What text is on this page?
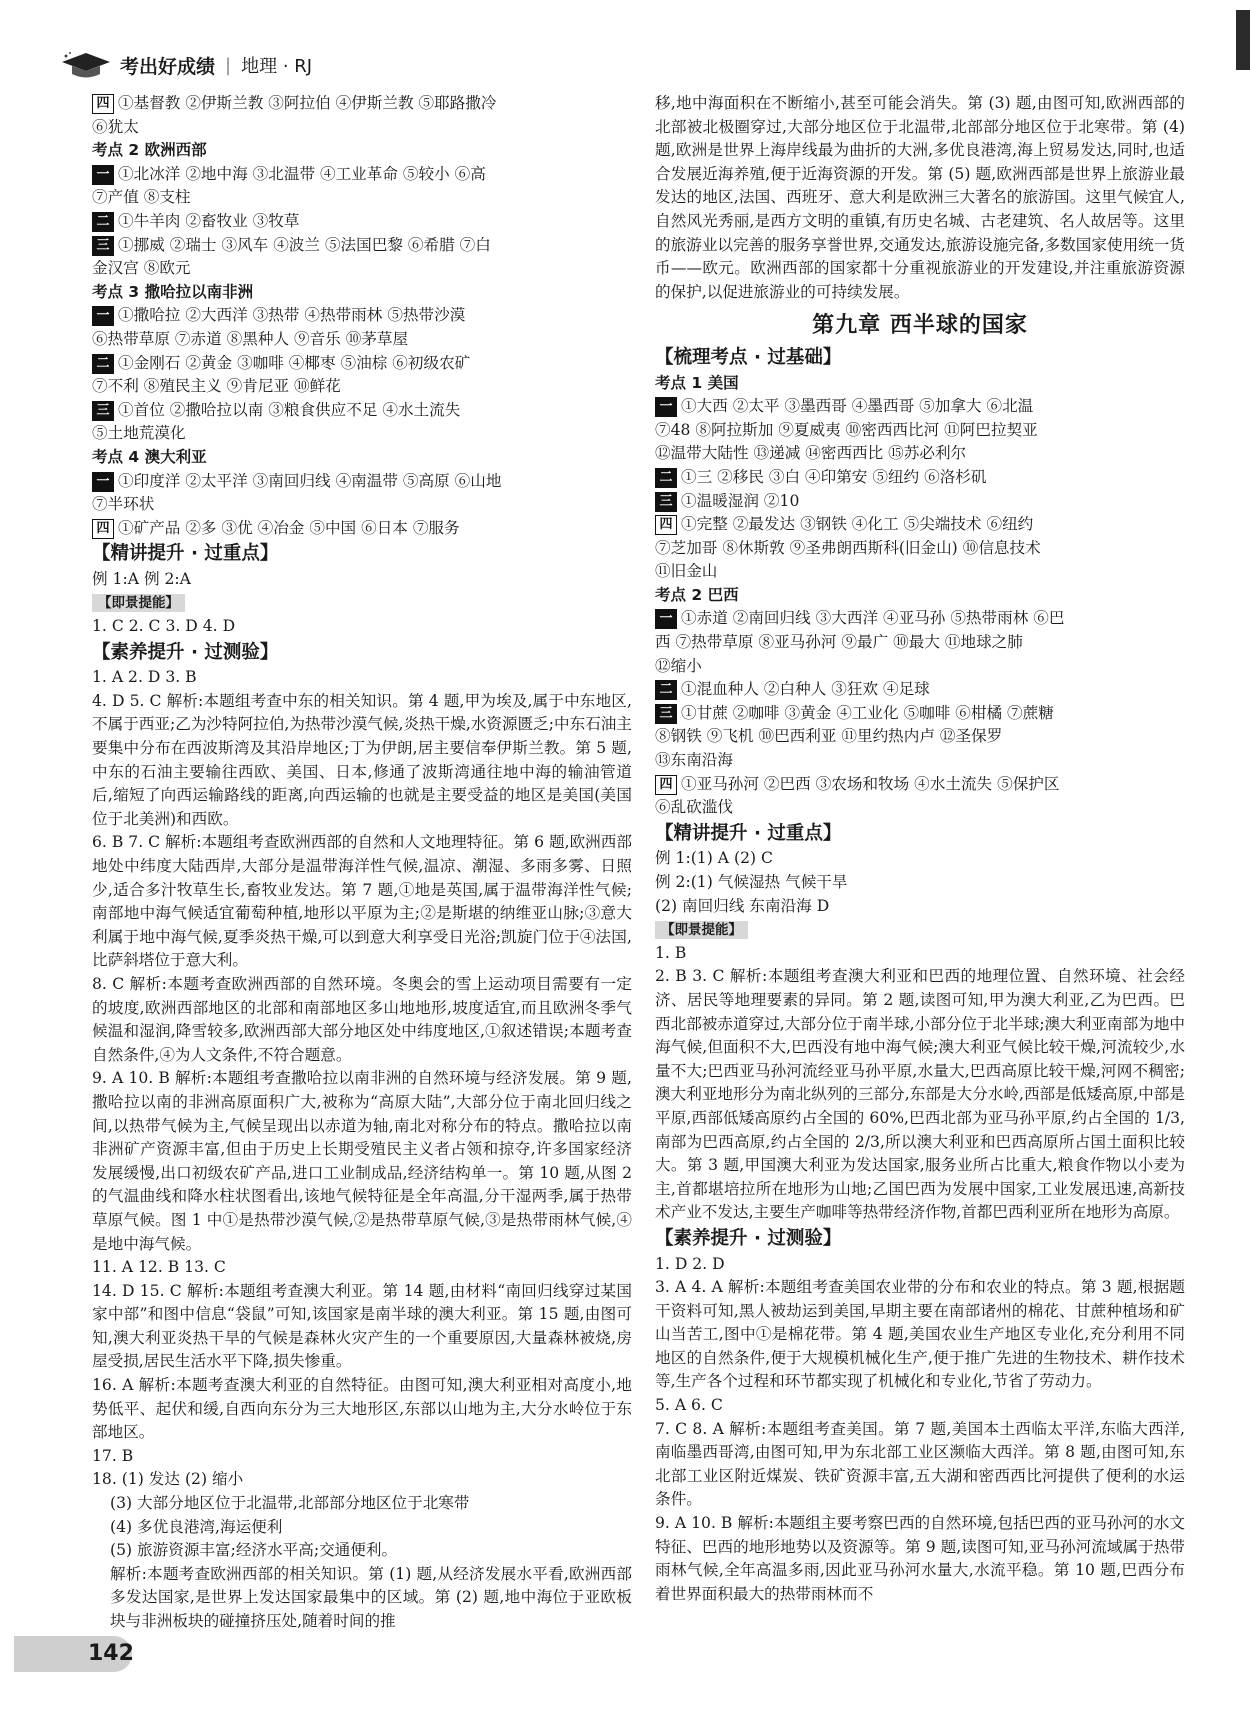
考出好成绩 | 地理 · RJ
四 ①基督教 ②伊斯兰教 ③阿拉伯 ④伊斯兰教 ⑤耶路撒冷
⑥犹太
考点 2 欧洲西部
一 ①北冰洋 ②地中海 ③北温带 ④工业革命 ⑤较小 ⑥高
⑦产值 ⑧支柱
二 ①牛羊肉 ②畜牧业 ③牧草
三 ①挪威 ②瑞士 ③风车 ④波兰 ⑤法国巴黎 ⑥希腊 ⑦白
金汉宫 ⑧欧元
考点 3 撒哈拉以南非洲
一 ①撒哈拉 ②大西洋 ③热带 ④热带雨林 ⑤热带沙漠
⑥热带草原 ⑦赤道 ⑧黑种人 ⑨音乐 ⑩茅草屋
二 ①金刚石 ②黄金 ③咖啡 ④椰枣 ⑤油棕 ⑥初级农矿
⑦不利 ⑧殖民主义 ⑨肯尼亚 ⑩鲜花
三 ①首位 ②撒哈拉以南 ③粮食供应不足 ④水土流失
⑤土地荒漠化
考点 4 澳大利亚
一 ①印度洋 ②太平洋 ③南回归线 ④南温带 ⑤高原 ⑥山地
⑦半环状
四 ①矿产品 ②多 ③优 ④冶金 ⑤中国 ⑥日本 ⑦服务
【精讲提升 · 过重点】
例 1:A 例 2:A
【即景提能】
1. C 2. C 3. D 4. D
【素养提升 · 过测验】
1. A 2. D 3. B
4. D 5. C 解析:本题组考查中东的相关知识。第 4 题,甲为埃及,属于中东地区,不属于西亚;乙为沙特阿拉伯,为热带沙漠气候,炎热干燥,水资源匮乏;中东石油主要集中分布在西波斯湾及其沿岸地区;丁为伊朗,居主要信奉伊斯兰教。第 5 题,中东的石油主要输往西欧、美国、日本,修通了波斯湾通往地中海的输油管道后,缩短了向西运输路线的距离,向西运输的也就是主要受益的地区是美国(美国位于北美洲)和西欧。
6. B 7. C 解析:本题组考查欧洲西部的自然和人文地理特征。第 6 题,欧洲西部地处中纬度大陆西岸,大部分是温带海洋性气候,温凉、潮湿、多雨多雾、日照少,适合多汁牧草生长,畜牧业发达。第 7 题,①地是英国,属于温带海洋性气候;南部地中海气候适宜葡萄种植,地形以平原为主;②是斯堪的纳维亚山脉;③意大利属于地中海气候,夏季炎热干燥,可以到意大利享受日光浴;凯旋门位于④法国,比萨斜塔位于意大利。
8. C 解析:本题考查欧洲西部的自然环境。冬奥会的雪上运动项目需要有一定的坡度,欧洲西部地区的北部和南部地区多山地地形,坡度适宜,而且欧洲冬季气候温和湿润,降雪较多,欧洲西部大部分地区处中纬度地区,①叙述错误;本题考查自然条件,④为人文条件,不符合题意。
9. A 10. B 解析:本题组考查撒哈拉以南非洲的自然环境与经济发展。第 9 题,撒哈拉以南的非洲高原面积广大,被称为“高原大陆”,大部分位于南北回归线之间,以热带气候为主,气候呈现出以赤道为轴,南北对称分布的特点。撒哈拉以南非洲矿产资源丰富,但由于历史上长期受殖民主义者占领和掠夺,许多国家经济发展缓慢,出口初级农矿产品,进口工业制成品,经济结构单一。第 10 题,从图 2 的气温曲线和降水柱状图看出,该地气候特征是全年高温,分干湿两季,属于热带草原气候。图 1 中①是热带沙漠气候,②是热带草原气候,③是热带雨林气候,④是地中海气候。
11. A 12. B 13. C
14. D 15. C 解析:本题组考查澳大利亚。第 14 题,由材料“南回归线穿过某国家中部”和图中信息“袋鼠”可知,该国家是南半球的澳大利亚。第 15 题,由图可知,澳大利亚炎热干旱的气候是森林火灾产生的一个重要原因,大量森林被烧,房屋受损,居民生活水平下降,损失惨重。
16. A 解析:本题考查澳大利亚的自然特征。由图可知,澳大利亚相对高度小,地势低平、起伏和缓,自西向东分为三大地形区,东部以山地为主,大分水岭位于东部地区。
17. B
18. (1) 发达 (2) 缩小
(3) 大部分地区位于北温带,北部部分地区位于北寒带
(4) 多优良港湾,海运便利
(5) 旅游资源丰富;经济水平高;交通便利。
解析:本题考查欧洲西部的相关知识。第 (1) 题,从经济发展水平看,欧洲西部多发达国家,是世界上发达国家最集中的区域。第 (2) 题,地中海位于亚欧板块与非洲板块的碰撞挤压处,随着时间的推
移,地中海面积在不断缩小,甚至可能会消失。第 (3) 题,由图可知,欧洲西部的北部被北极圈穿过,大部分地区位于北温带,北部部分地区位于北寒带。第 (4) 题,欧洲是世界上海岸线最为曲折的大洲,多优良港湾,海上贸易发达,同时,也适合发展近海养殖,便于近海资源的开发。第 (5) 题,欧洲西部是世界上旅游业最发达的地区,法国、西班牙、意大利是欧洲三大著名的旅游国。这里气候宜人,自然风光秀丽,是西方文明的重镇,有历史名城、古老建筑、名人故居等。这里的旅游业以完善的服务享誉世界,交通发达,旅游设施完备,多数国家使用统一货币——欧元。欧洲西部的国家都十分重视旅游业的开发建设,并注重旅游资源的保护,以促进旅游业的可持续发展。
第九章 西半球的国家
【梳理考点 · 过基础】
考点 1 美国
一 ①大西 ②太平 ③墨西哥 ④墨西哥 ⑤加拿大 ⑥北温
⑦48 ⑧阿拉斯加 ⑨夏威夷 ⑩密西西比河 ⑪阿巴拉契亚
⑫温带大陆性 ⑬递减 ⑭密西西比 ⑮苏必利尔
二 ①三 ②移民 ③白 ④印第安 ⑤纽约 ⑥洛杉矶
三 ①温暖湿润 ②10
四 ①完整 ②最发达 ③钢铁 ④化工 ⑤尖端技术 ⑥纽约
⑦芝加哥 ⑧休斯敦 ⑨圣弗朗西斯科(旧金山) ⑩信息技术
⑪旧金山
考点 2 巴西
一 ①赤道 ②南回归线 ③大西洋 ④亚马孙 ⑤热带雨林 ⑥巴
西 ⑦热带草原 ⑧亚马孙河 ⑨最广 ⑩最大 ⑪地球之肺
⑫缩小
二 ①混血种人 ②白种人 ③狂欢 ④足球
三 ①甘蔗 ②咖啡 ③黄金 ④工业化 ⑤咖啡 ⑥柑橘 ⑦蔗糖
⑧钢铁 ⑨飞机 ⑩巴西利亚 ⑪里约热内卢 ⑫圣保罗
⑬东南沿海
四 ①亚马孙河 ②巴西 ③农场和牧场 ④水土流失 ⑤保护区
⑥乱砍滥伐
【精讲提升 · 过重点】
例 1:(1) A (2) C
例 2:(1) 气候湿热 气候干旱
(2) 南回归线 东南沿海 D
【即景提能】
1. B
2. B 3. C 解析:本题组考查澳大利亚和巴西的地理位置、自然环境、社会经济、居民等地理要素的异同。第 2 题,读图可知,甲为澳大利亚,乙为巴西。巴西北部被赤道穿过,大部分位于南半球,小部分位于北半球;澳大利亚南部为地中海气候,但面积不大,巴西没有地中海气候;澳大利亚气候比较干燥,河流较少,水量不大;巴西亚马孙河流经亚马孙平原,水量大,巴西高原比较干燥,河网不稠密;澳大利亚地形分为南北纵列的三部分,东部是大分水岭,西部是低矮高原,中部是平原,西部低矮高原约占全国的 60%,巴西北部为亚马孙平原,约占全国的 1/3,南部为巴西高原,约占全国的 2/3,所以澳大利亚和巴西高原所占国土面积比较大。第 3 题,甲国澳大利亚为发达国家,服务业所占比重大,粮食作物以小麦为主,首都堪培拉所在地形为山地;乙国巴西为发展中国家,工业发展迅速,高新技术产业不发达,主要生产咖啡等热带经济作物,首都巴西利亚所在地形为高原。
【素养提升 · 过测验】
1. D 2. D
3. A 4. A 解析:本题组考查美国农业带的分布和农业的特点。第 3 题,根据题干资料可知,黑人被劫运到美国,早期主要在南部诸州的棉花、甘蔗种植场和矿山当苦工,图中①是棉花带。第 4 题,美国农业生产地区专业化,充分利用不同地区的自然条件,便于大规模机械化生产,便于推广先进的生物技术、耕作技术等,生产各个过程和环节都实现了机械化和专业化,节省了劳动力。
5. A 6. C
7. C 8. A 解析:本题组考查美国。第 7 题,美国本土西临太平洋,东临大西洋,南临墨西哥湾,由图可知,甲为东北部工业区濒临大西洋。第 8 题,由图可知,东北部工业区附近煤炭、铁矿资源丰富,五大湖和密西西比河提供了便利的水运条件。
9. A 10. B 解析:本题组主要考察巴西的自然环境,包括巴西的亚马孙河的水文特征、巴西的地形地势以及资源等。第 9 题,读图可知,亚马孙河流域属于热带雨林气候,全年高温多雨,因此亚马孙河水量大,水流平稳。第 10 题,巴西分布着世界面积最大的热带雨林而不
142
